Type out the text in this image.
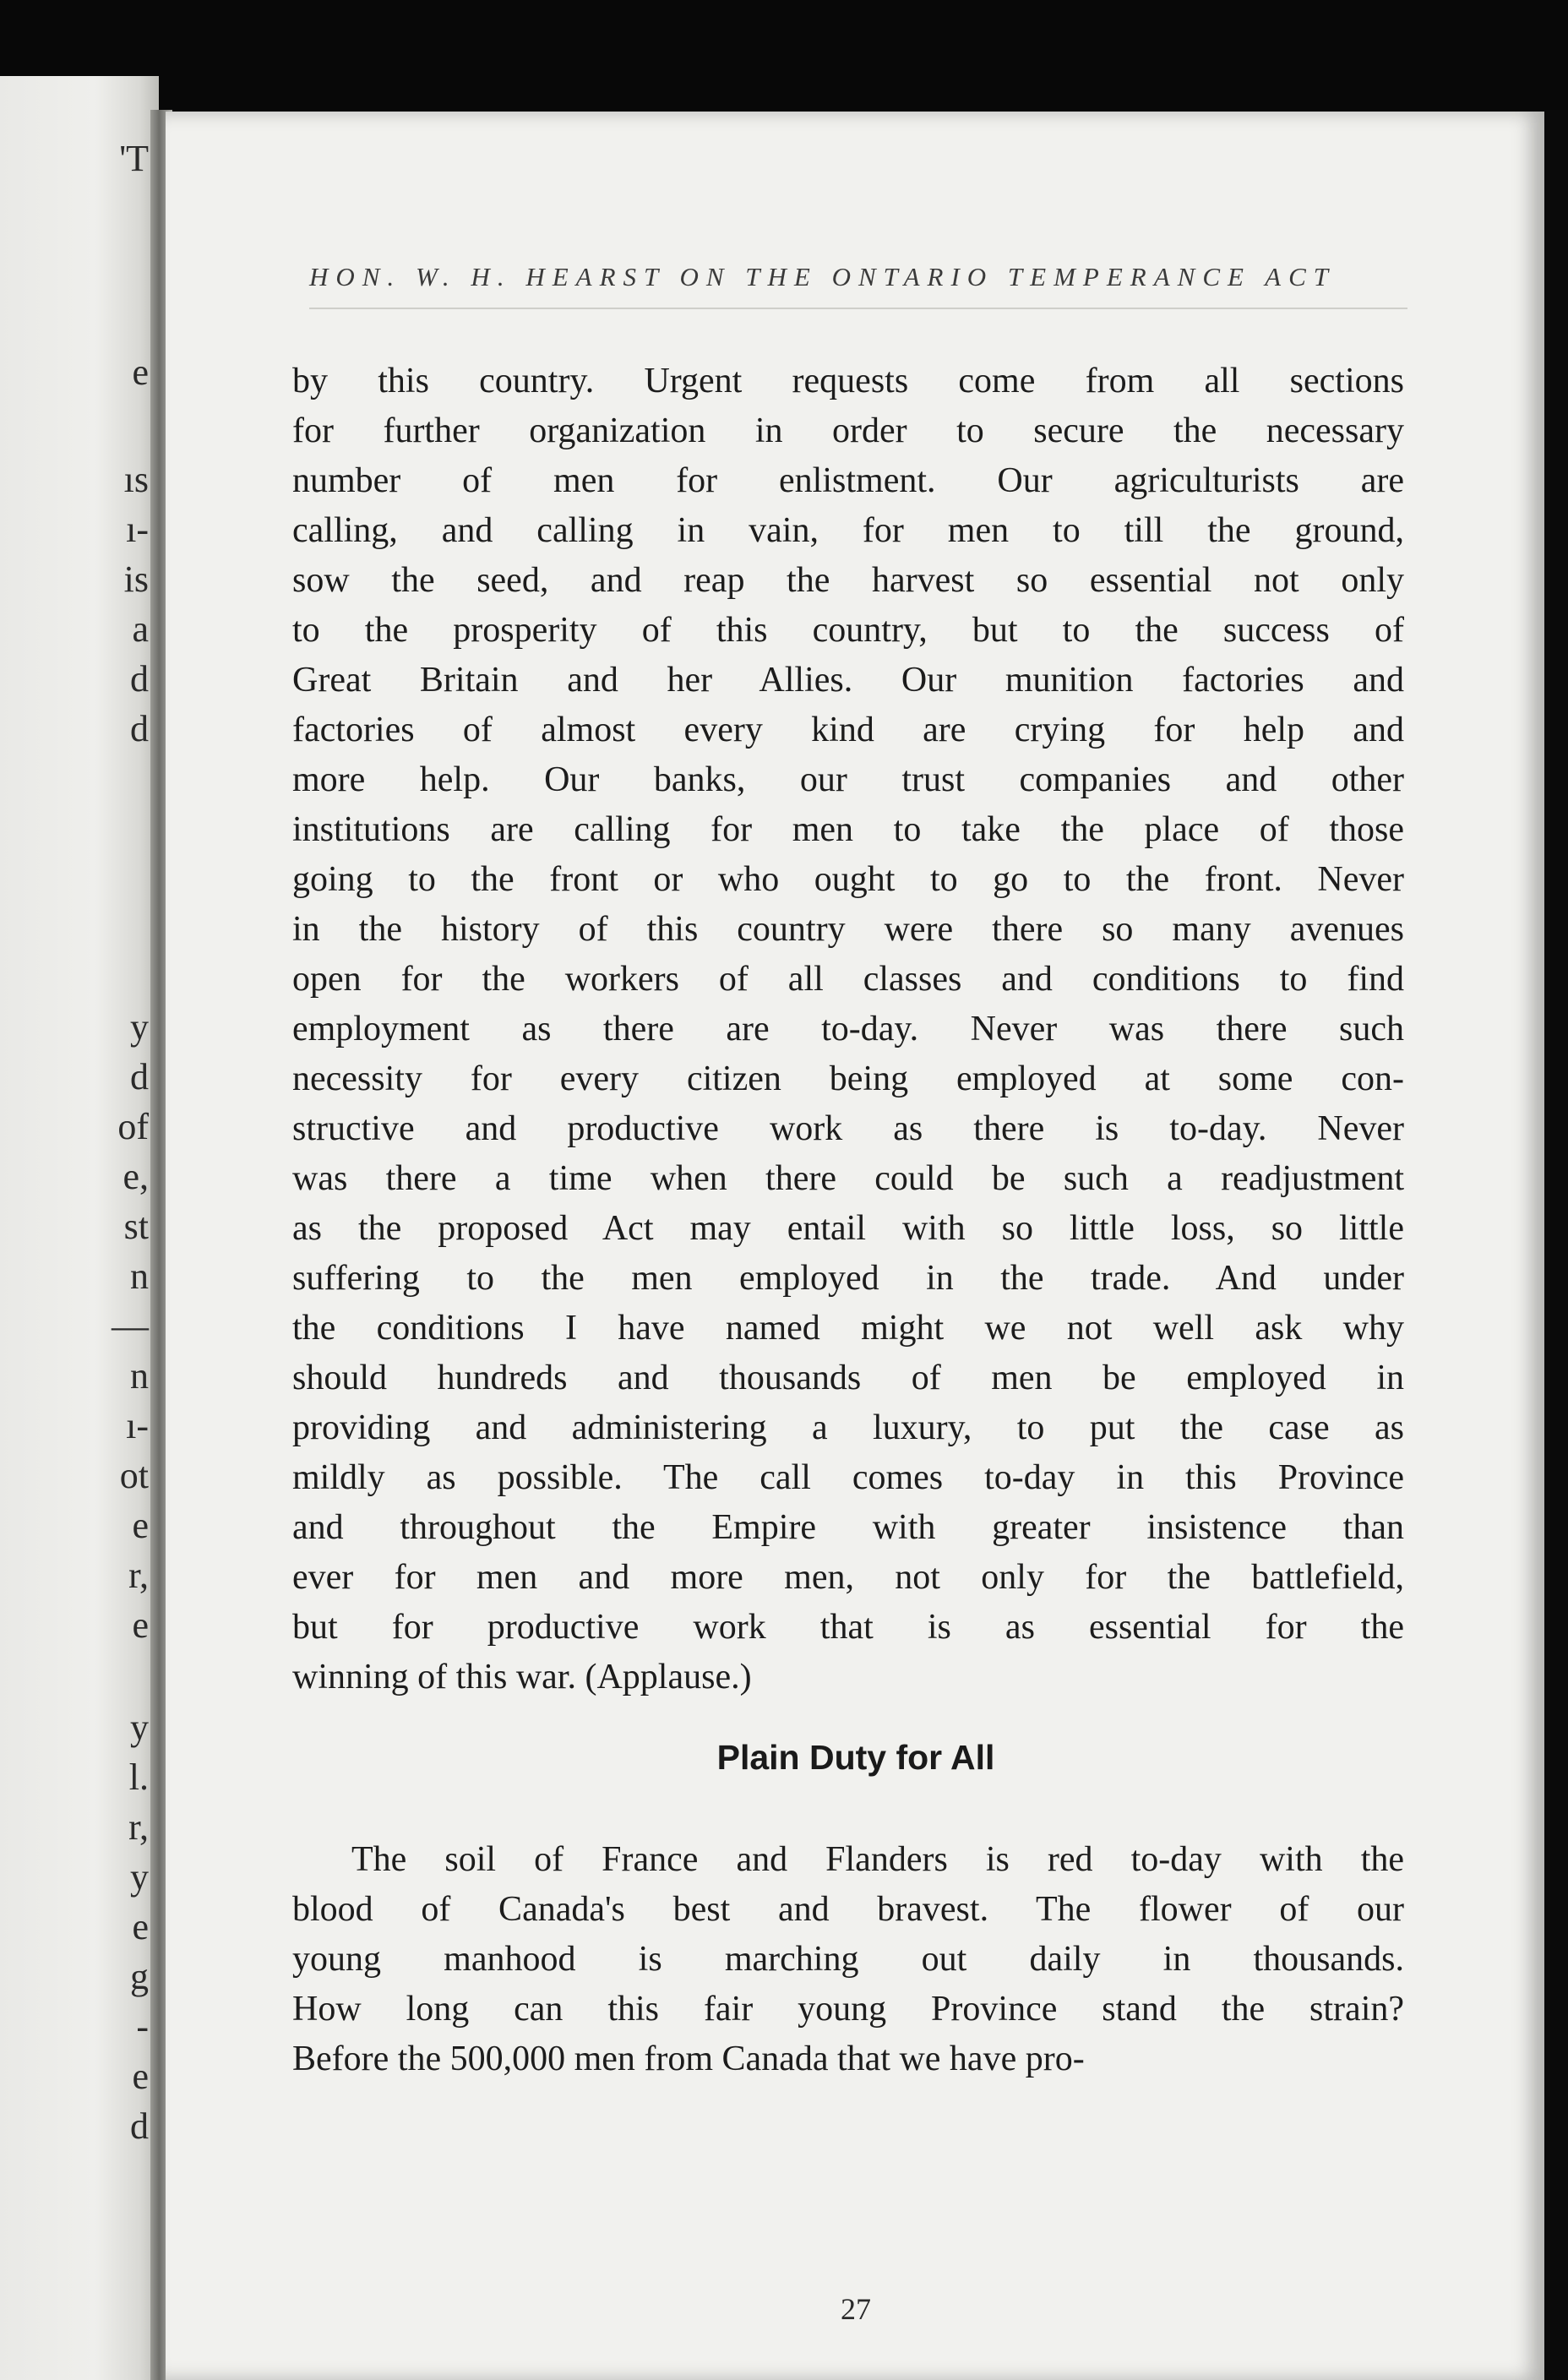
'T
e
ıs
ı-
is
a
d
d
y
d
of
e,
st
n
—
n
ı-
ot
e
r,
e
y
l.
r,
y
e
g
-
e
d
HON. W. H. HEARST ON THE ONTARIO TEMPERANCE ACT
by this country. Urgent requests come from all sections
for further organization in order to secure the necessary
number of men for enlistment. Our agriculturists are
calling, and calling in vain, for men to till the ground,
sow the seed, and reap the harvest so essential not only
to the prosperity of this country, but to the success of
Great Britain and her Allies. Our munition factories and
factories of almost every kind are crying for help and
more help. Our banks, our trust companies and other
institutions are calling for men to take the place of those
going to the front or who ought to go to the front. Never
in the history of this country were there so many avenues
open for the workers of all classes and conditions to find
employment as there are to-day. Never was there such
necessity for every citizen being employed at some con-
structive and productive work as there is to-day. Never
was there a time when there could be such a readjustment
as the proposed Act may entail with so little loss, so little
suffering to the men employed in the trade. And under
the conditions I have named might we not well ask why
should hundreds and thousands of men be employed in
providing and administering a luxury, to put the case as
mildly as possible. The call comes to-day in this Province
and throughout the Empire with greater insistence than
ever for men and more men, not only for the battlefield,
but for productive work that is as essential for the
winning of this war. (Applause.)
Plain Duty for All
The soil of France and Flanders is red to-day with the
blood of Canada's best and bravest. The flower of our
young manhood is marching out daily in thousands.
How long can this fair young Province stand the strain?
Before the 500,000 men from Canada that we have pro-
27
